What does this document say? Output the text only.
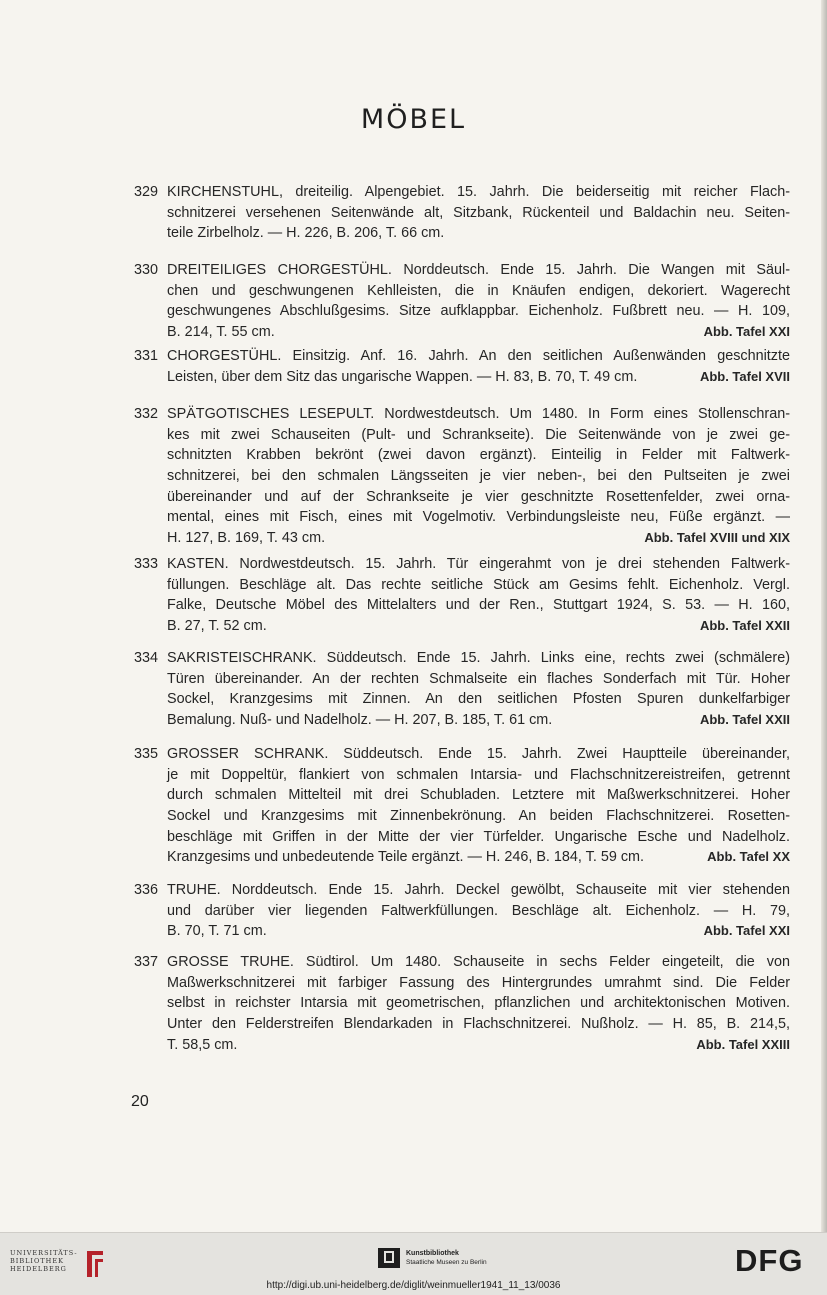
MÖBEL
329 KIRCHENSTUHL, dreiteilig. Alpengebiet. 15. Jahrh. Die beiderseitig mit reicher Flach-
schnitzerei versehenen Seitenwände alt, Sitzbank, Rückenteil und Baldachin neu. Seiten-
teile Zirbelholz. — H. 226, B. 206, T. 66 cm.
330 DREITEILIGES CHORGESTÜHL. Norddeutsch. Ende 15. Jahrh. Die Wangen mit Säul-
chen und geschwungenen Kehlleisten, die in Knäufen endigen, dekoriert. Wagerecht
geschwungenes Abschlußgesims. Sitze aufklappbar. Eichenholz. Fußbrett neu. — H. 109,
B. 214, T. 55 cm.	Abb. Tafel XXI
331 CHORGESTÜHL. Einsitzig. Anf. 16. Jahrh. An den seitlichen Außenwänden geschnitzte
Leisten, über dem Sitz das ungarische Wappen. — H. 83, B. 70, T. 49 cm.	Abb. Tafel XVII
332 SPÄTGOTISCHES LESEPULT. Nordwestdeutsch. Um 1480. In Form eines Stollenschran-
kes mit zwei Schauseiten (Pult- und Schrankseite). Die Seitenwände von je zwei ge-
schnitzten Krabben bekrönt (zwei davon ergänzt). Einteilig in Felder mit Faltwerk-
schnitzerei, bei den schmalen Längsseiten je vier neben-, bei den Pultseiten je zwei
übereinander und auf der Schrankseite je vier geschnitzte Rosettenfelder, zwei orna-
mental, eines mit Fisch, eines mit Vogelmotiv. Verbindungsleiste neu, Füße ergänzt. —
H. 127, B. 169, T. 43 cm.	Abb. Tafel XVIII und XIX
333 KASTEN. Nordwestdeutsch. 15. Jahrh. Tür eingerahmt von je drei stehenden Faltwerk-
füllungen. Beschläge alt. Das rechte seitliche Stück am Gesims fehlt. Eichenholz. Vergl.
Falke, Deutsche Möbel des Mittelalters und der Ren., Stuttgart 1924, S. 53. — H. 160,
B. 27, T. 52 cm.	Abb. Tafel XXII
334 SAKRISTEISCHRANK. Süddeutsch. Ende 15. Jahrh. Links eine, rechts zwei (schmälere)
Türen übereinander. An der rechten Schmalseite ein flaches Sonderfach mit Tür. Hoher
Sockel, Kranzgesims mit Zinnen. An den seitlichen Pfosten Spuren dunkelfarbiger
Bemalung. Nuß- und Nadelholz. — H. 207, B. 185, T. 61 cm.	Abb. Tafel XXII
335 GROSSER SCHRANK. Süddeutsch. Ende 15. Jahrh. Zwei Hauptteile übereinander,
je mit Doppeltür, flankiert von schmalen Intarsia- und Flachschnitzereistreifen, getrennt
durch schmalen Mittelteil mit drei Schubladen. Letztere mit Maßwerkschnitzerei. Hoher
Sockel und Kranzgesims mit Zinnenbekrönung. An beiden Flachschnitzerei. Rosetten-
beschläge mit Griffen in der Mitte der vier Türfelder. Ungarische Esche und Nadelholz.
Kranzgesims und unbedeutende Teile ergänzt. — H. 246, B. 184, T. 59 cm.	Abb. Tafel XX
336 TRUHE. Norddeutsch. Ende 15. Jahrh. Deckel gewölbt, Schauseite mit vier stehenden
und darüber vier liegenden Faltwerkfüllungen. Beschläge alt. Eichenholz. — H. 79,
B. 70, T. 71 cm.	Abb. Tafel XXI
337 GROSSE TRUHE. Südtirol. Um 1480. Schauseite in sechs Felder eingeteilt, die von
Maßwerkschnitzerei mit farbiger Fassung des Hintergrundes umrahmt sind. Die Felder
selbst in reichster Intarsia mit geometrischen, pflanzlichen und architektonischen Motiven.
Unter den Felderstreifen Blendarkaden in Flachschnitzerei. Nußholz. — H. 85, B. 214,5,
T. 58,5 cm.	Abb. Tafel XXIII
20
UNIVERSITÄTS-
BIBLIOTHEK
HEIDELBERG
Kunstbibliothek
Staatliche Museen zu Berlin	DFG
http://digi.ub.uni-heidelberg.de/diglit/weinmueller1941_11_13/0036
